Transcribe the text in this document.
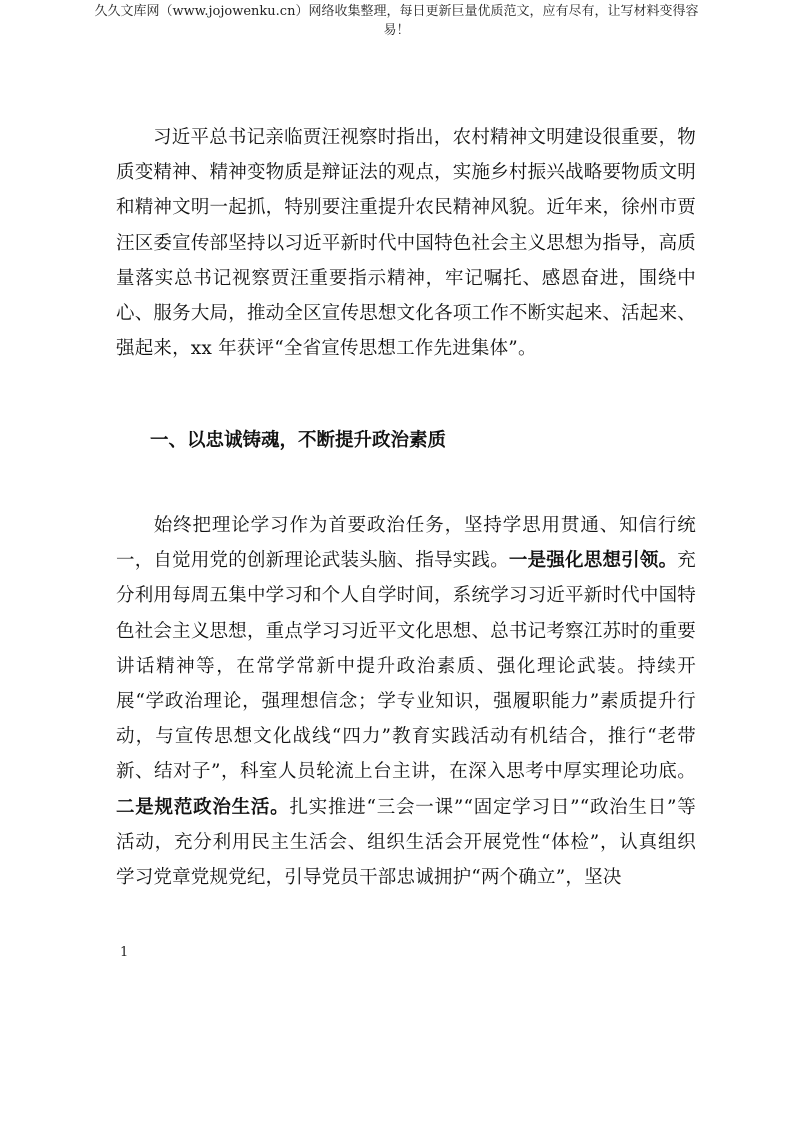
久久文库网（www.jojowenku.cn）网络收集整理，每日更新巨量优质范文，应有尽有，让写材料变得容易！

习近平总书记亲临贾汪视察时指出，农村精神文明建设很重要，物质变精神、精神变物质是辩证法的观点，实施乡村振兴战略要物质文明和精神文明一起抓，特别要注重提升农民精神风貌。近年来，徐州市贾汪区委宣传部坚持以习近平新时代中国特色社会主义思想为指导，高质量落实总书记视察贾汪重要指示精神，牢记嘱托、感恩奋进，围绕中心、服务大局，推动全区宣传思想文化各项工作不断实起来、活起来、强起来，xx 年获评“全省宣传思想工作先进集体”。

一、以忠诚铸魂，不断提升政治素质

始终把理论学习作为首要政治任务，坚持学思用贯通、知信行统一，自觉用党的创新理论武装头脑、指导实践。一是强化思想引领。充分利用每周五集中学习和个人自学时间，系统学习习近平新时代中国特色社会主义思想，重点学习习近平文化思想、总书记考察江苏时的重要讲话精神等，在常学常新中提升政治素质、强化理论武装。持续开展“学政治理论，强理想信念；学专业知识，强履职能力”素质提升行动，与宣传思想文化战线“四力”教育实践活动有机结合，推行“老带新、结对子”，科室人员轮流上台主讲，在深入思考中厚实理论功底。二是规范政治生活。扎实推进“三会一课”“固定学习日”“政治生日”等活动，充分利用民主生活会、组织生活会开展党性“体检”，认真组织学习党章党规党纪，引导党员干部忠诚拥护“两个确立”，坚决

1
